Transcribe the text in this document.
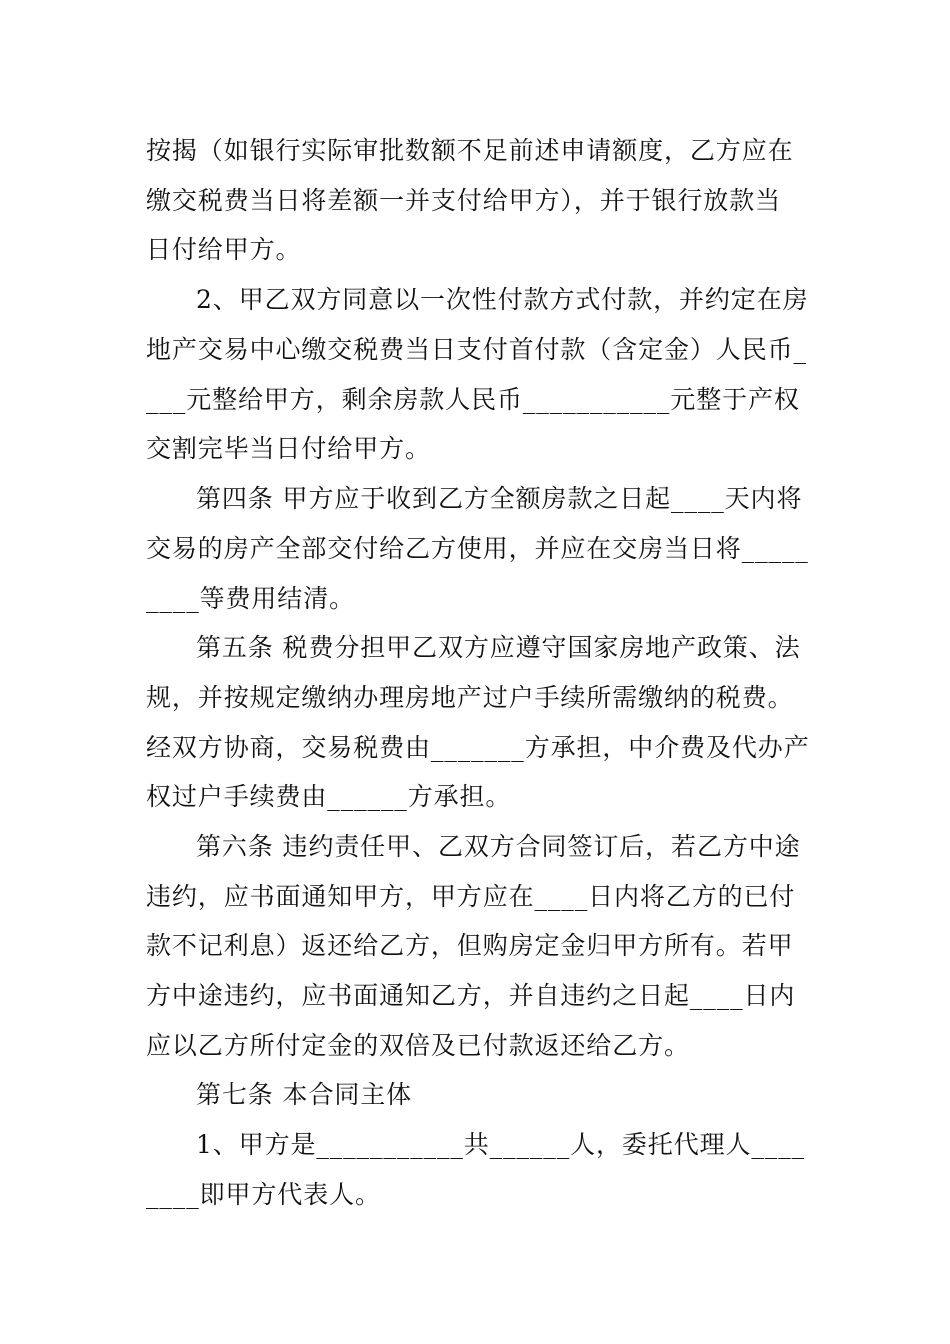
按揭（如银行实际审批数额不足前述申请额度，乙方应在
缴交税费当日将差额一并支付给甲方），并于银行放款当
日付给甲方。
2、甲乙双方同意以一次性付款方式付款，并约定在房
地产交易中心缴交税费当日支付首付款（含定金）人民币_
___元整给甲方，剩余房款人民币___________元整于产权
交割完毕当日付给甲方。
第四条 甲方应于收到乙方全额房款之日起____天内将
交易的房产全部交付给乙方使用，并应在交房当日将_____
____等费用结清。
第五条 税费分担甲乙双方应遵守国家房地产政策、法
规，并按规定缴纳办理房地产过户手续所需缴纳的税费。
经双方协商，交易税费由_______方承担，中介费及代办产
权过户手续费由______方承担。
第六条 违约责任甲、乙双方合同签订后，若乙方中途
违约，应书面通知甲方，甲方应在____日内将乙方的已付
款不记利息）返还给乙方，但购房定金归甲方所有。若甲
方中途违约，应书面通知乙方，并自违约之日起____日内
应以乙方所付定金的双倍及已付款返还给乙方。
第七条 本合同主体
1、甲方是___________共______人，委托代理人____
____即甲方代表人。
